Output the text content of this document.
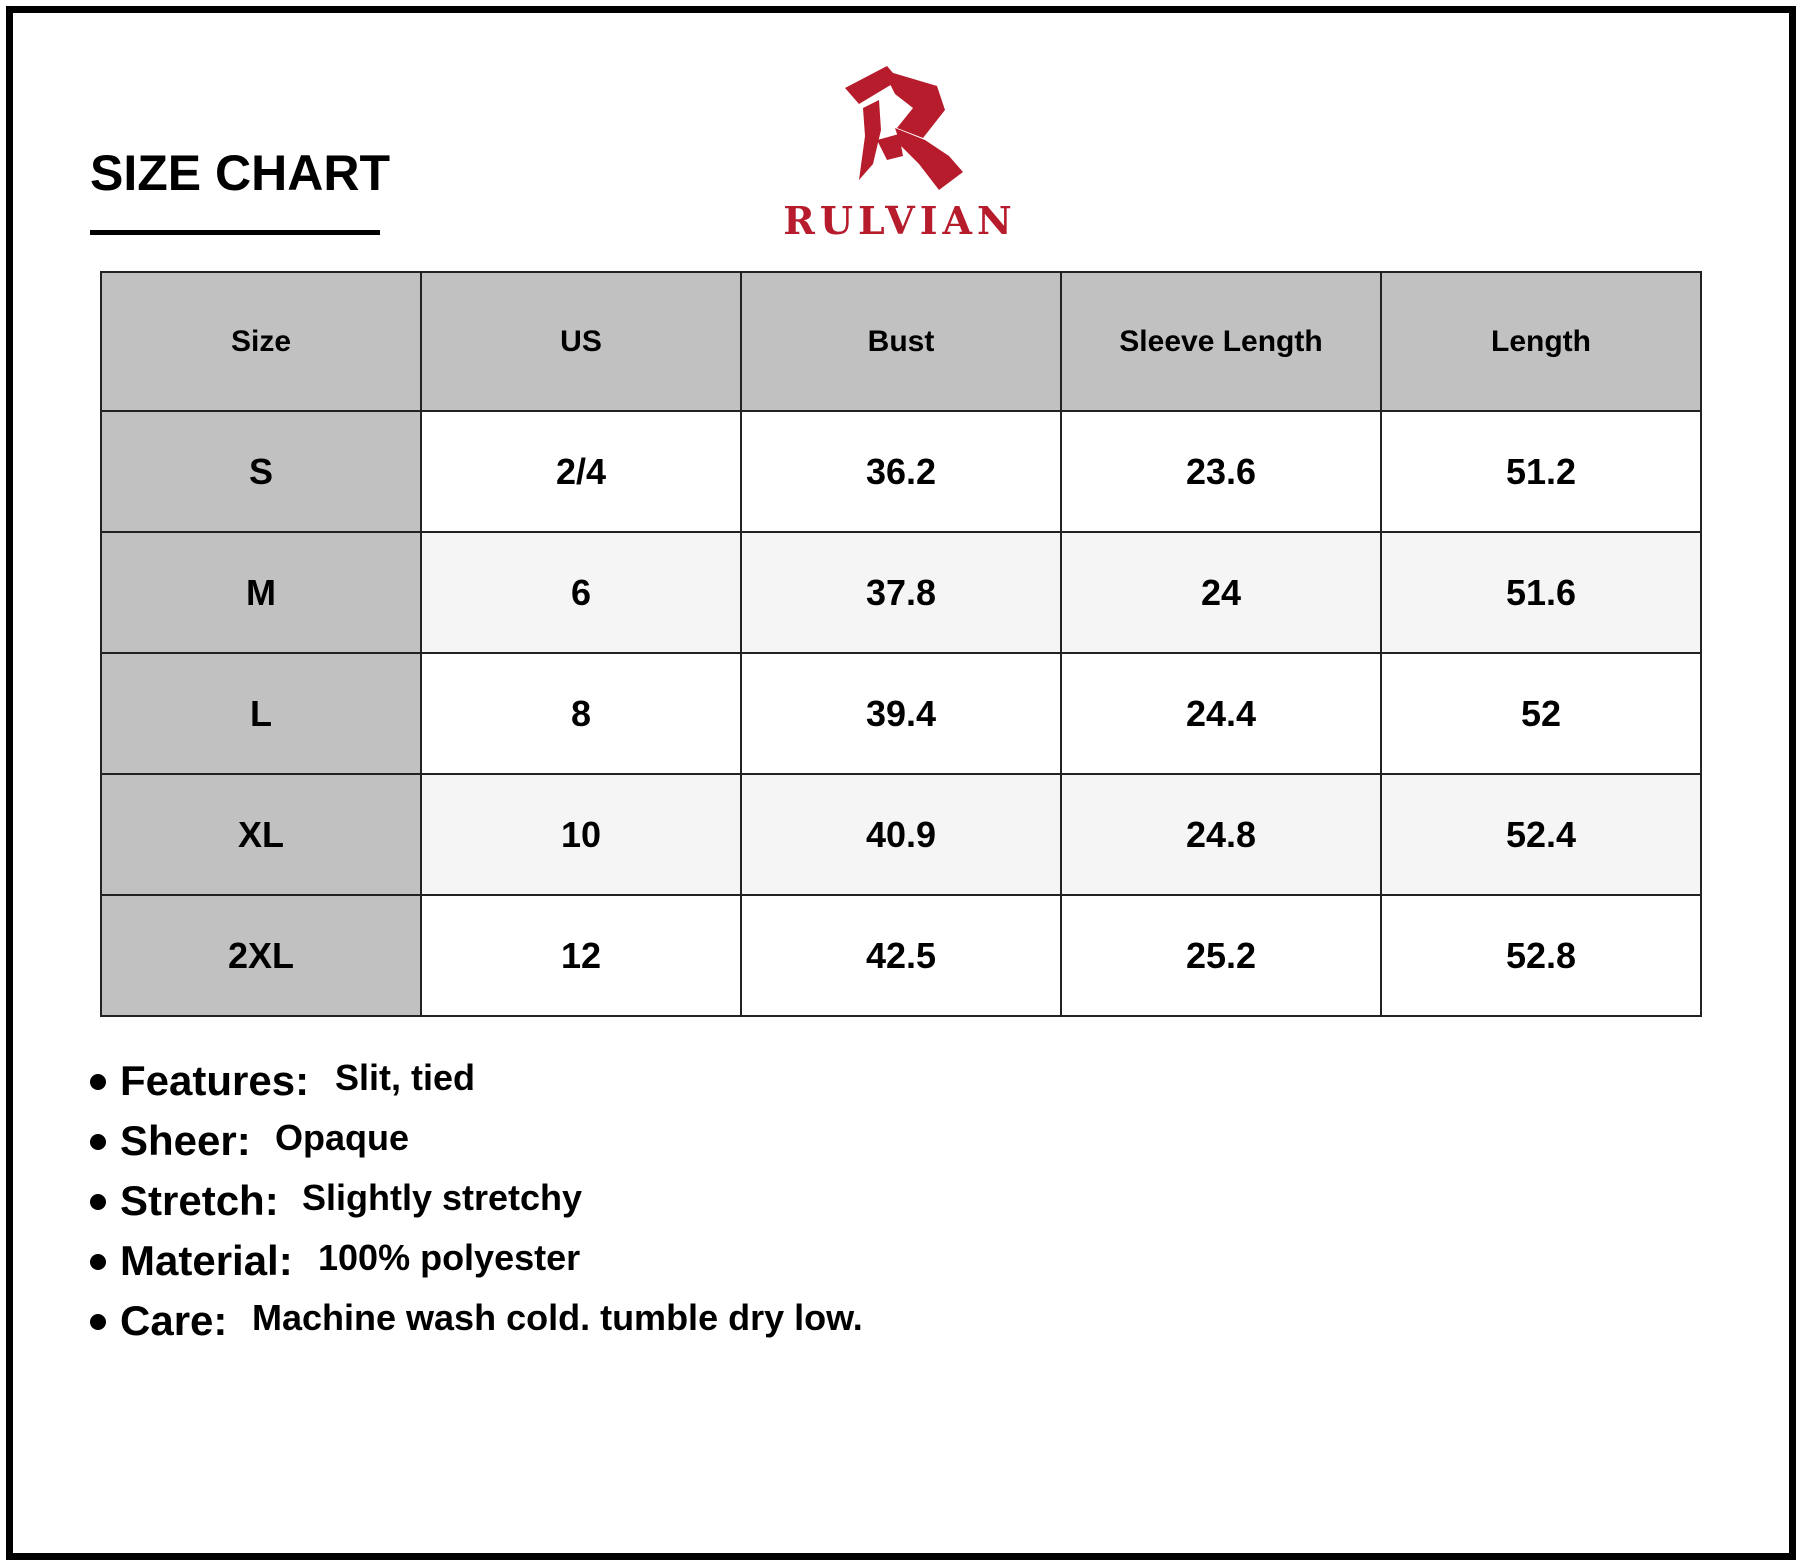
SIZE CHART
RULVIAN
Size	US	Bust	Sleeve Length	Length
S	2/4	36.2	23.6	51.2
M	6	37.8	24	51.6
L	8	39.4	24.4	52
XL	10	40.9	24.8	52.4
2XL	12	42.5	25.2	52.8
Features: Slit, tied
Sheer: Opaque
Stretch: Slightly stretchy
Material: 100% polyester
Care: Machine wash cold. tumble dry low.
